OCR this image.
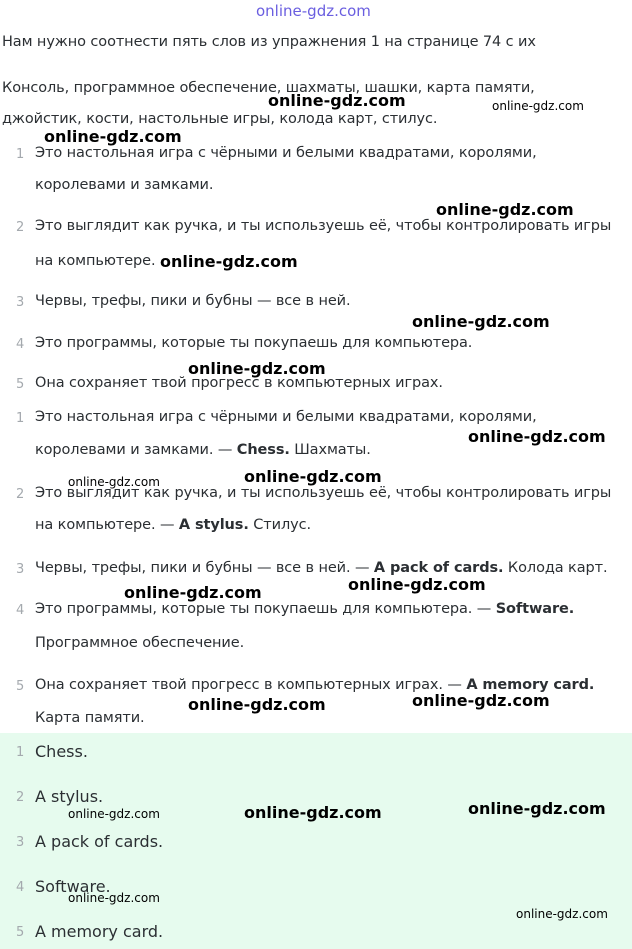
online-gdz.com
Нам нужно соотнести пять слов из упражнения 1 на странице 74 с их
Консоль, программное обеспечение, шахматы, шашки, карта памяти,
джойстик, кости, настольные игры, колода карт, стилус.
1 Это настольная игра с чёрными и белыми квадратами, королями,
королевами и замками.
2 Это выглядит как ручка, и ты используешь её, чтобы контролировать игры
на компьютере.
3 Червы, трефы, пики и бубны — все в ней.
4 Это программы, которые ты покупаешь для компьютера.
5 Она сохраняет твой прогресс в компьютерных играх.
1 Это настольная игра с чёрными и белыми квадратами, королями,
королевами и замками. — Chess. Шахматы.
2 Это выглядит как ручка, и ты используешь её, чтобы контролировать игры
на компьютере. — A stylus. Стилус.
3 Червы, трефы, пики и бубны — все в ней. — A pack of cards. Колода карт.
4 Это программы, которые ты покупаешь для компьютера. — Software.
Программное обеспечение.
5 Она сохраняет твой прогресс в компьютерных играх. — A memory card.
Карта памяти.
1 Chess.
2 A stylus.
3 A pack of cards.
4 Software.
5 A memory card.
online-gdz.com	online-gdz.com
online-gdz.com
online-gdz.com
online-gdz.com
online-gdz.com
online-gdz.com
online-gdz.com
online-gdz.com
online-gdz.com
online-gdz.com
online-gdz.com
online-gdz.com
online-gdz.com
online-gdz.com	online-gdz.com
online-gdz.com
online-gdz.com
online-gdz.com
